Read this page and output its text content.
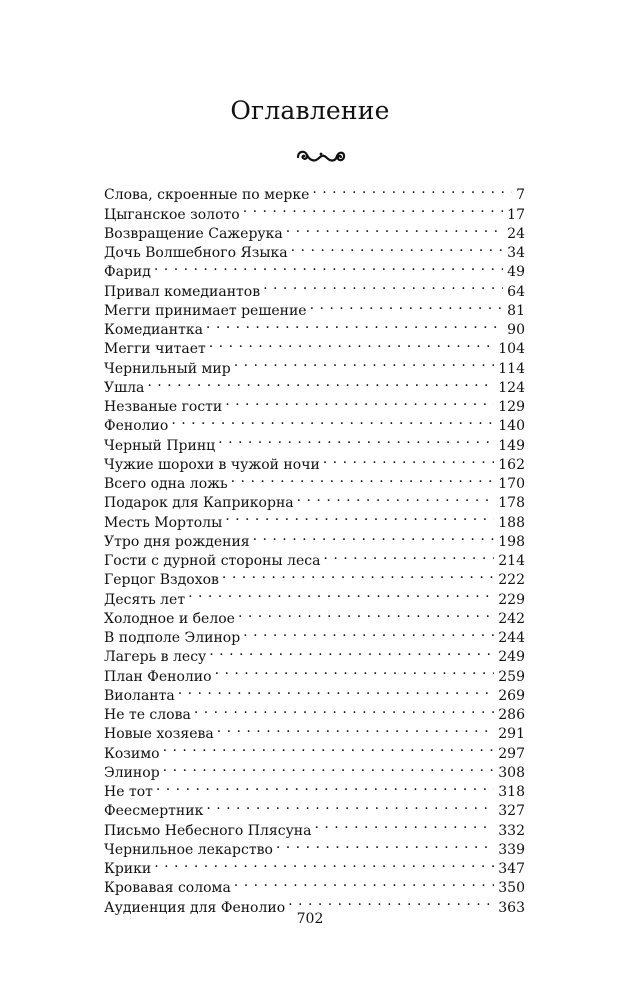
Оглавление
Слова, скроенные по мерке . . .	7
Цыганское золото . . .	17
Возвращение Сажерука . . .	24
Дочь Волшебного Языка . . .	34
Фарид . . .	49
Привал комедиантов . . .	64
Мегги принимает решение . . .	81
Комедиантка . . .	90
Мегги читает . . .	104
Чернильный мир . . .	114
Ушла . . .	124
Незваные гости . . .	129
Фенолио . . .	140
Черный Принц . . .	149
Чужие шорохи в чужой ночи . . .	162
Всего одна ложь . . .	170
Подарок для Каприкорна . . .	178
Месть Мортолы . . .	188
Утро дня рождения . . .	198
Гости с дурной стороны леса . . .	214
Герцог Вздохов . . .	222
Десять лет . . .	229
Холодное и белое . . .	242
В подполе Элинор . . .	244
Лагерь в лесу . . .	249
План Фенолио . . .	259
Виоланта . . .	269
Не те слова . . .	286
Новые хозяева . . .	291
Козимо . . .	297
Элинор . . .	308
Не тот . . .	318
Феесмертник . . .	327
Письмо Небесного Плясуна . . .	332
Чернильное лекарство . . .	339
Крики . . .	347
Кровавая солома . . .	350
Аудиенция для Фенолио . . .	363
702
